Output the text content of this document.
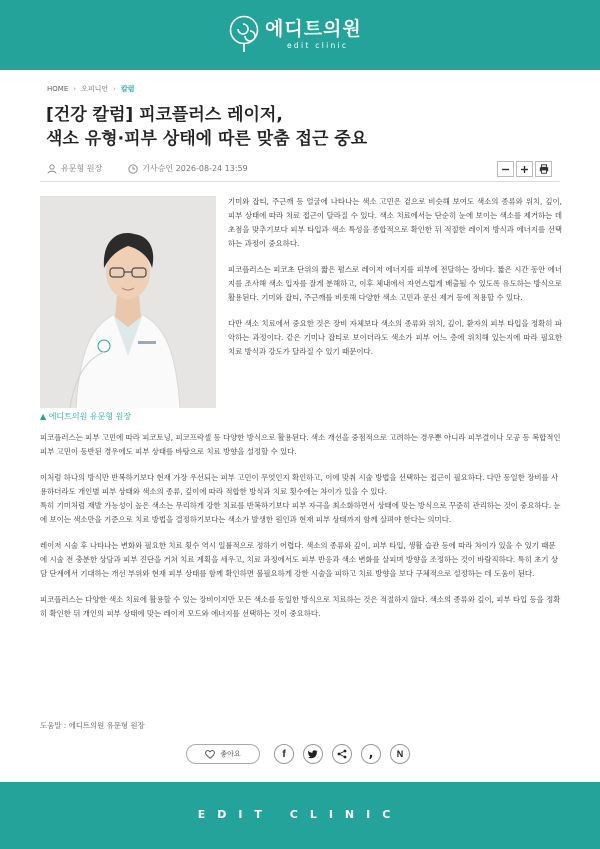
에디트의원
edit clinic
HOME › 오피니언 › 칼럼
[건강 칼럼] 피코플러스 레이저,
색소 유형·피부 상태에 따른 맞춤 접근 중요
유문형 원장	기사승인 2026-08-24 13:59
▲ 에디트의원 유문형 원장

기미와 잡티, 주근깨 등 얼굴에 나타나는 색소 고민은 겉으로 비슷해 보여도 색소의 종류와 위치, 깊이, 피부 상태에 따라 치료 접근이 달라질 수 있다. 색소 치료에서는 단순히 눈에 보이는 색소를 제거하는 데 초점을 맞추기보다 피부 타입과 색소 특성을 종합적으로 확인한 뒤 적절한 레이저 방식과 에너지를 선택하는 과정이 중요하다.

피코플러스는 피코초 단위의 짧은 펄스로 레이저 에너지를 피부에 전달하는 장비다. 짧은 시간 동안 에너지를 조사해 색소 입자를 잘게 분해하고, 이후 체내에서 자연스럽게 배출될 수 있도록 유도하는 방식으로 활용된다. 기미와 잡티, 주근깨를 비롯해 다양한 색소 고민과 문신 제거 등에 적용할 수 있다.

다만 색소 치료에서 중요한 것은 장비 자체보다 색소의 종류와 위치, 깊이, 환자의 피부 타입을 정확히 파악하는 과정이다. 같은 기미나 잡티로 보이더라도 색소가 피부 어느 층에 위치해 있는지에 따라 필요한 치료 방식과 강도가 달라질 수 있기 때문이다.

피코플러스는 피부 고민에 따라 피코토닝, 피코프락셀 등 다양한 방식으로 활용된다. 색소 개선을 중점적으로 고려하는 경우뿐 아니라 피부결이나 모공 등 복합적인 피부 고민이 동반된 경우에도 피부 상태를 바탕으로 치료 방향을 설정할 수 있다.

이처럼 하나의 방식만 반복하기보다 현재 가장 우선되는 피부 고민이 무엇인지 확인하고, 이에 맞춰 시술 방법을 선택하는 접근이 필요하다. 다만 동일한 장비를 사용하더라도 개인별 피부 상태와 색소의 종류, 깊이에 따라 적합한 방식과 치료 횟수에는 차이가 있을 수 있다.

특히 기미처럼 재발 가능성이 높은 색소는 무리하게 강한 치료를 반복하기보다 피부 자극을 최소화하면서 상태에 맞는 방식으로 꾸준히 관리하는 것이 중요하다. 눈에 보이는 색소만을 기준으로 치료 방법을 결정하기보다는 색소가 발생한 원인과 현재 피부 상태까지 함께 살펴야 한다는 의미다.

레이저 시술 후 나타나는 변화와 필요한 치료 횟수 역시 일률적으로 정하기 어렵다. 색소의 종류와 깊이, 피부 타입, 생활 습관 등에 따라 차이가 있을 수 있기 때문에 시술 전 충분한 상담과 피부 진단을 거쳐 치료 계획을 세우고, 치료 과정에서도 피부 반응과 색소 변화를 살피며 방향을 조정하는 것이 바람직하다. 특히 초기 상담 단계에서 기대하는 개선 부위와 현재 피부 상태를 함께 확인하면 불필요하게 강한 시술을 피하고 치료 방향을 보다 구체적으로 설정하는 데 도움이 된다.

피코플러스는 다양한 색소 치료에 활용할 수 있는 장비이지만 모든 색소를 동일한 방식으로 치료하는 것은 적절하지 않다. 색소의 종류와 깊이, 피부 타입 등을 정확히 확인한 뒤 개인의 피부 상태에 맞는 레이저 모드와 에너지를 선택하는 것이 중요하다.

도움말 : 에디트의원 유문형 원장
좋아요	f	,	N
EDIT CLINIC
